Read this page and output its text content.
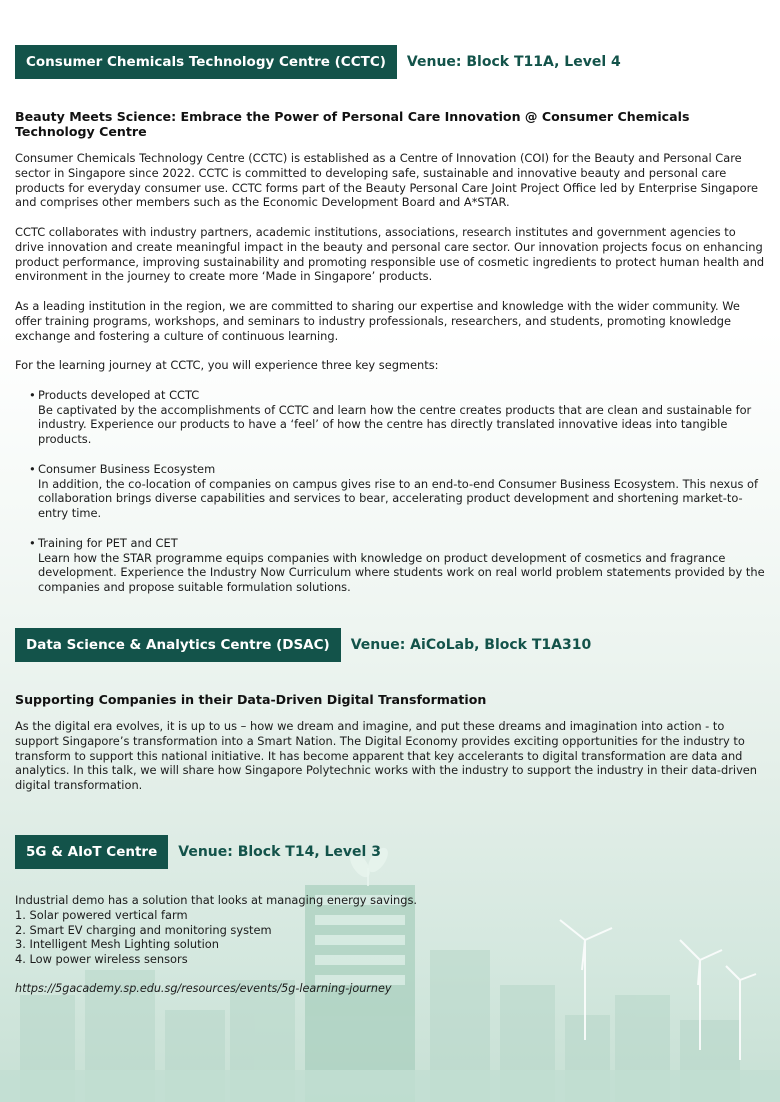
Consumer Chemicals Technology Centre (CCTC)	Venue: Block T11A, Level 4
Beauty Meets Science: Embrace the Power of Personal Care Innovation @ Consumer Chemicals Technology Centre

Consumer Chemicals Technology Centre (CCTC) is established as a Centre of Innovation (COI) for the Beauty and Personal Care sector in Singapore since 2022. CCTC is committed to developing safe, sustainable and innovative beauty and personal care products for everyday consumer use. CCTC forms part of the Beauty Personal Care Joint Project Office led by Enterprise Singapore and comprises other members such as the Economic Development Board and A*STAR.

CCTC collaborates with industry partners, academic institutions, associations, research institutes and government agencies to drive innovation and create meaningful impact in the beauty and personal care sector. Our innovation projects focus on enhancing product performance, improving sustainability and promoting responsible use of cosmetic ingredients to protect human health and environment in the journey to create more ‘Made in Singapore’ products.

As a leading institution in the region, we are committed to sharing our expertise and knowledge with the wider community. We offer training programs, workshops, and seminars to industry professionals, researchers, and students, promoting knowledge exchange and fostering a culture of continuous learning.

For the learning journey at CCTC, you will experience three key segments:

• Products developed at CCTC
Be captivated by the accomplishments of CCTC and learn how the centre creates products that are clean and sustainable for industry. Experience our products to have a ‘feel’ of how the centre has directly translated innovative ideas into tangible products.
• Consumer Business Ecosystem
In addition, the co-location of companies on campus gives rise to an end-to-end Consumer Business Ecosystem. This nexus of collaboration brings diverse capabilities and services to bear, accelerating product development and shortening market-to-entry time.
• Training for PET and CET
Learn how the STAR programme equips companies with knowledge on product development of cosmetics and fragrance development. Experience the Industry Now Curriculum where students work on real world problem statements provided by the companies and propose suitable formulation solutions.
Data Science & Analytics Centre (DSAC)	Venue: AiCoLab, Block T1A310
Supporting Companies in their Data-Driven Digital Transformation

As the digital era evolves, it is up to us – how we dream and imagine, and put these dreams and imagination into action - to support Singapore’s transformation into a Smart Nation. The Digital Economy provides exciting opportunities for the industry to transform to support this national initiative. It has become apparent that key accelerants to digital transformation are data and analytics. In this talk, we will share how Singapore Polytechnic works with the industry to support the industry in their data-driven digital transformation.

5G & AIoT Centre	Venue: Block T14, Level 3
Industrial demo has a solution that looks at managing energy savings.
1. Solar powered vertical farm
2. Smart EV charging and monitoring system
3. Intelligent Mesh Lighting solution
4. Low power wireless sensors
https://5gacademy.sp.edu.sg/resources/events/5g-learning-journey
